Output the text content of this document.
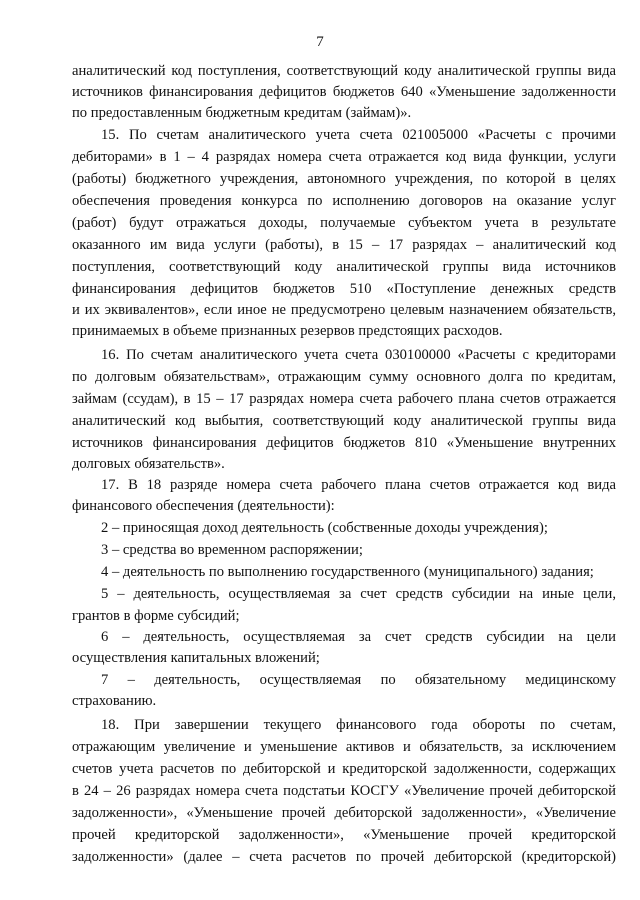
7
аналитический код поступления, соответствующий коду аналитической группы вида
источников финансирования дефицитов бюджетов 640 «Уменьшение задолженности
по предоставленным бюджетным кредитам (займам)».
15. По счетам аналитического учета счета 021005000 «Расчеты с прочими
дебиторами» в 1 – 4 разрядах номера счета отражается код вида функции, услуги
(работы) бюджетного учреждения, автономного учреждения, по которой в целях
обеспечения проведения конкурса по исполнению договоров на оказание услуг
(работ) будут отражаться доходы, получаемые субъектом учета в результате
оказанного им вида услуги (работы), в 15 – 17 разрядах – аналитический код
поступления, соответствующий коду аналитической группы вида источников
финансирования дефицитов бюджетов 510 «Поступление денежных средств
и их эквивалентов», если иное не предусмотрено целевым назначением обязательств,
принимаемых в объеме признанных резервов предстоящих расходов.
16. По счетам аналитического учета счета 030100000 «Расчеты с кредиторами
по долговым обязательствам», отражающим сумму основного долга по кредитам,
займам (ссудам), в 15 – 17 разрядах номера счета рабочего плана счетов отражается
аналитический код выбытия, соответствующий коду аналитической группы вида
источников финансирования дефицитов бюджетов 810 «Уменьшение внутренних
долговых обязательств».
17. В 18 разряде номера счета рабочего плана счетов отражается код вида
финансового обеспечения (деятельности):
2 – приносящая доход деятельность (собственные доходы учреждения);
3 – средства во временном распоряжении;
4 – деятельность по выполнению государственного (муниципального) задания;
5 – деятельность, осуществляемая за счет средств субсидии на иные цели,
грантов в форме субсидий;
6 – деятельность, осуществляемая за счет средств субсидии на цели
осуществления капитальных вложений;
7 – деятельность, осуществляемая по обязательному медицинскому
страхованию.
18. При завершении текущего финансового года обороты по счетам,
отражающим увеличение и уменьшение активов и обязательств, за исключением
счетов учета расчетов по дебиторской и кредиторской задолженности, содержащих
в 24 – 26 разрядах номера счета подстатьи КОСГУ «Увеличение прочей дебиторской
задолженности», «Уменьшение прочей дебиторской задолженности», «Увеличение
прочей кредиторской задолженности», «Уменьшение прочей кредиторской
задолженности» (далее – счета расчетов по прочей дебиторской (кредиторской)
